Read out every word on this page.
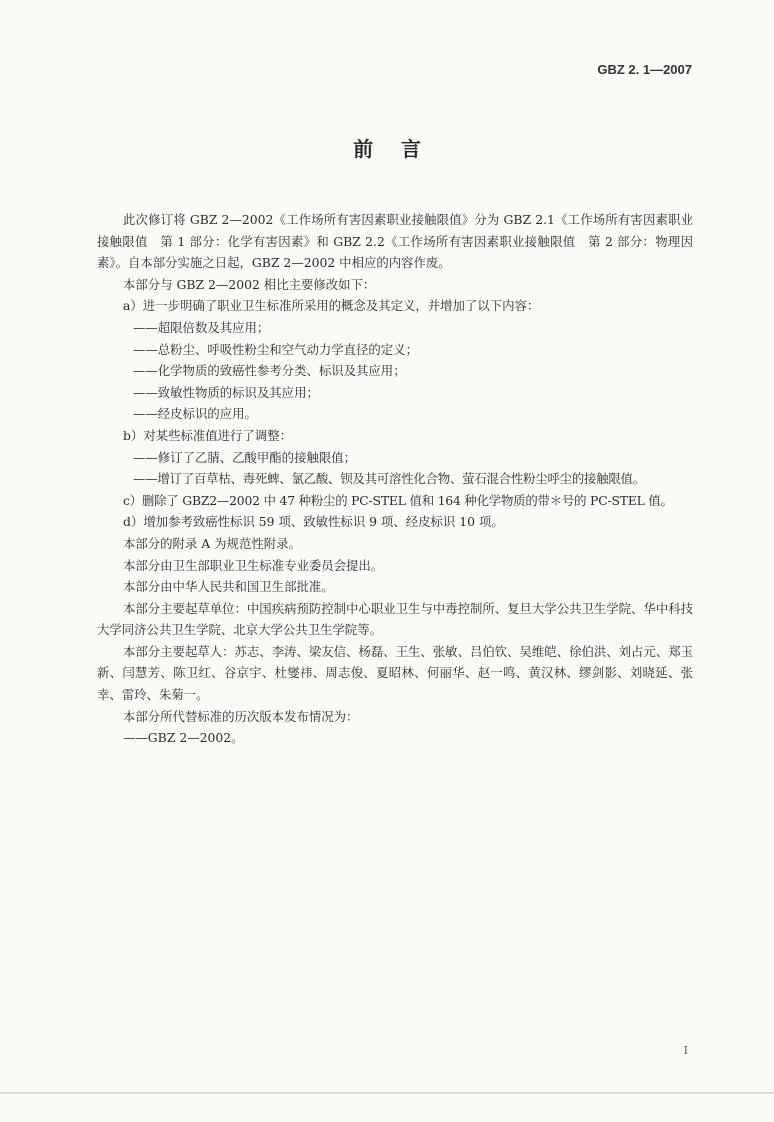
GBZ 2. 1—2007
前    言

此次修订将 GBZ 2—2002《工作场所有害因素职业接触限值》分为 GBZ 2.1《工作场所有害因素职业接触限值　第 1 部分：化学有害因素》和 GBZ 2.2《工作场所有害因素职业接触限值　第 2 部分：物理因素》。自本部分实施之日起，GBZ 2—2002 中相应的内容作废。

本部分与 GBZ 2—2002 相比主要修改如下：

a）进一步明确了职业卫生标准所采用的概念及其定义，并增加了以下内容：

——超限倍数及其应用；

——总粉尘、呼吸性粉尘和空气动力学直径的定义；

——化学物质的致癌性参考分类、标识及其应用；

——致敏性物质的标识及其应用；

——经皮标识的应用。

b）对某些标准值进行了调整：

——修订了乙腈、乙酸甲酯的接触限值；

——增订了百草枯、毒死蜱、氯乙酸、钡及其可溶性化合物、萤石混合性粉尘呼尘的接触限值。

c）删除了 GBZ2—2002 中 47 种粉尘的 PC-STEL 值和 164 种化学物质的带＊号的 PC-STEL 值。

d）增加参考致癌性标识 59 项、致敏性标识 9 项、经皮标识 10 项。

本部分的附录 A 为规范性附录。

本部分由卫生部职业卫生标准专业委员会提出。

本部分由中华人民共和国卫生部批准。

本部分主要起草单位：中国疾病预防控制中心职业卫生与中毒控制所、复旦大学公共卫生学院、华中科技大学同济公共卫生学院、北京大学公共卫生学院等。

本部分主要起草人：苏志、李涛、梁友信、杨磊、王生、张敏、吕伯钦、吴维皑、徐伯洪、刘占元、郑玉新、闫慧芳、陈卫红、谷京宇、杜燮祎、周志俊、夏昭林、何丽华、赵一鸣、黄汉林、缪剑影、刘晓延、张幸、雷玲、朱菊一。

本部分所代替标准的历次版本发布情况为：

——GBZ 2—2002。

I
